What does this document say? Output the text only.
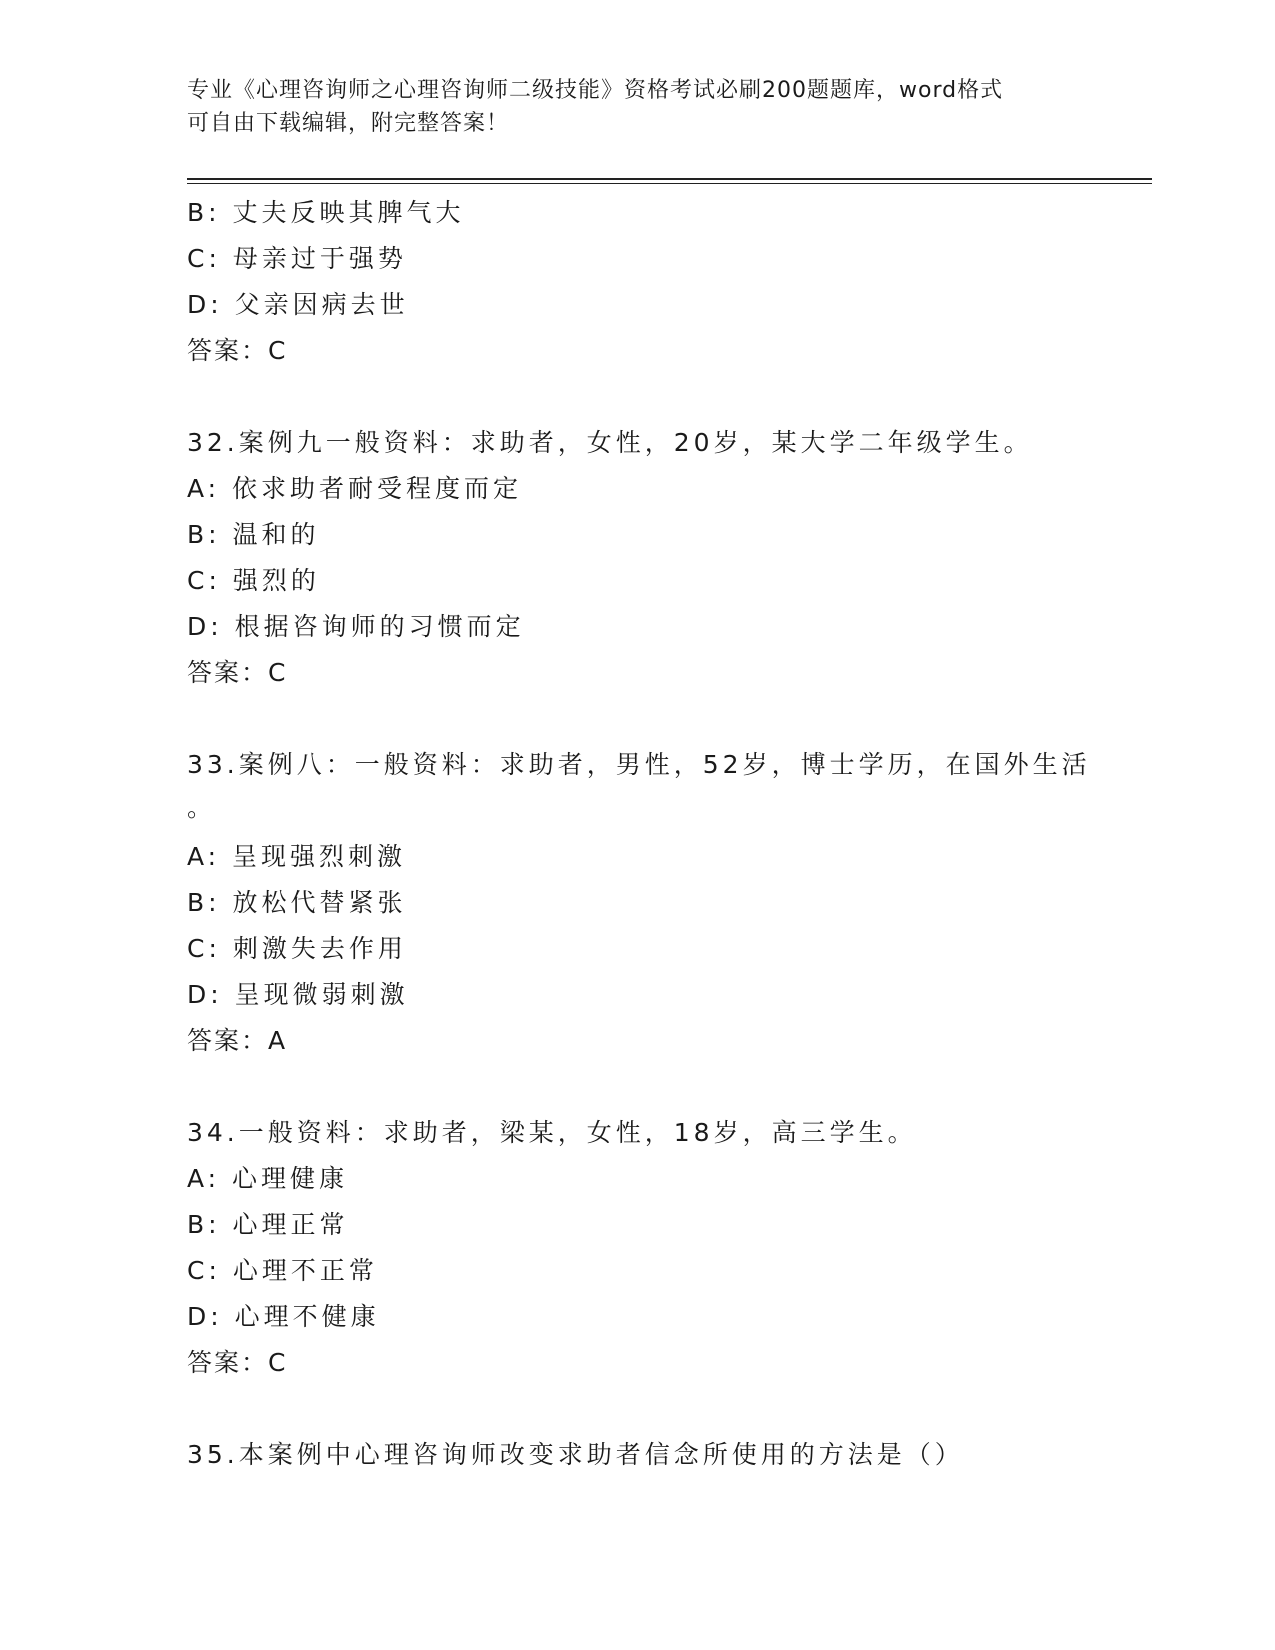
专业《心理咨询师之心理咨询师二级技能》资格考试必刷200题题库，word格式
可自由下载编辑，附完整答案！
B: 丈夫反映其脾气大
C: 母亲过于强势
D: 父亲因病去世
答案：C
32.案例九一般资料：求助者，女性，20岁，某大学二年级学生。
A: 依求助者耐受程度而定
B: 温和的
C: 强烈的
D: 根据咨询师的习惯而定
答案：C
33.案例八：一般资料：求助者，男性，52岁，博士学历，在国外生活
。
A: 呈现强烈刺激
B: 放松代替紧张
C: 刺激失去作用
D: 呈现微弱刺激
答案：A
34.一般资料：求助者，梁某，女性，18岁，高三学生。
A: 心理健康
B: 心理正常
C: 心理不正常
D: 心理不健康
答案：C
35.本案例中心理咨询师改变求助者信念所使用的方法是（）
